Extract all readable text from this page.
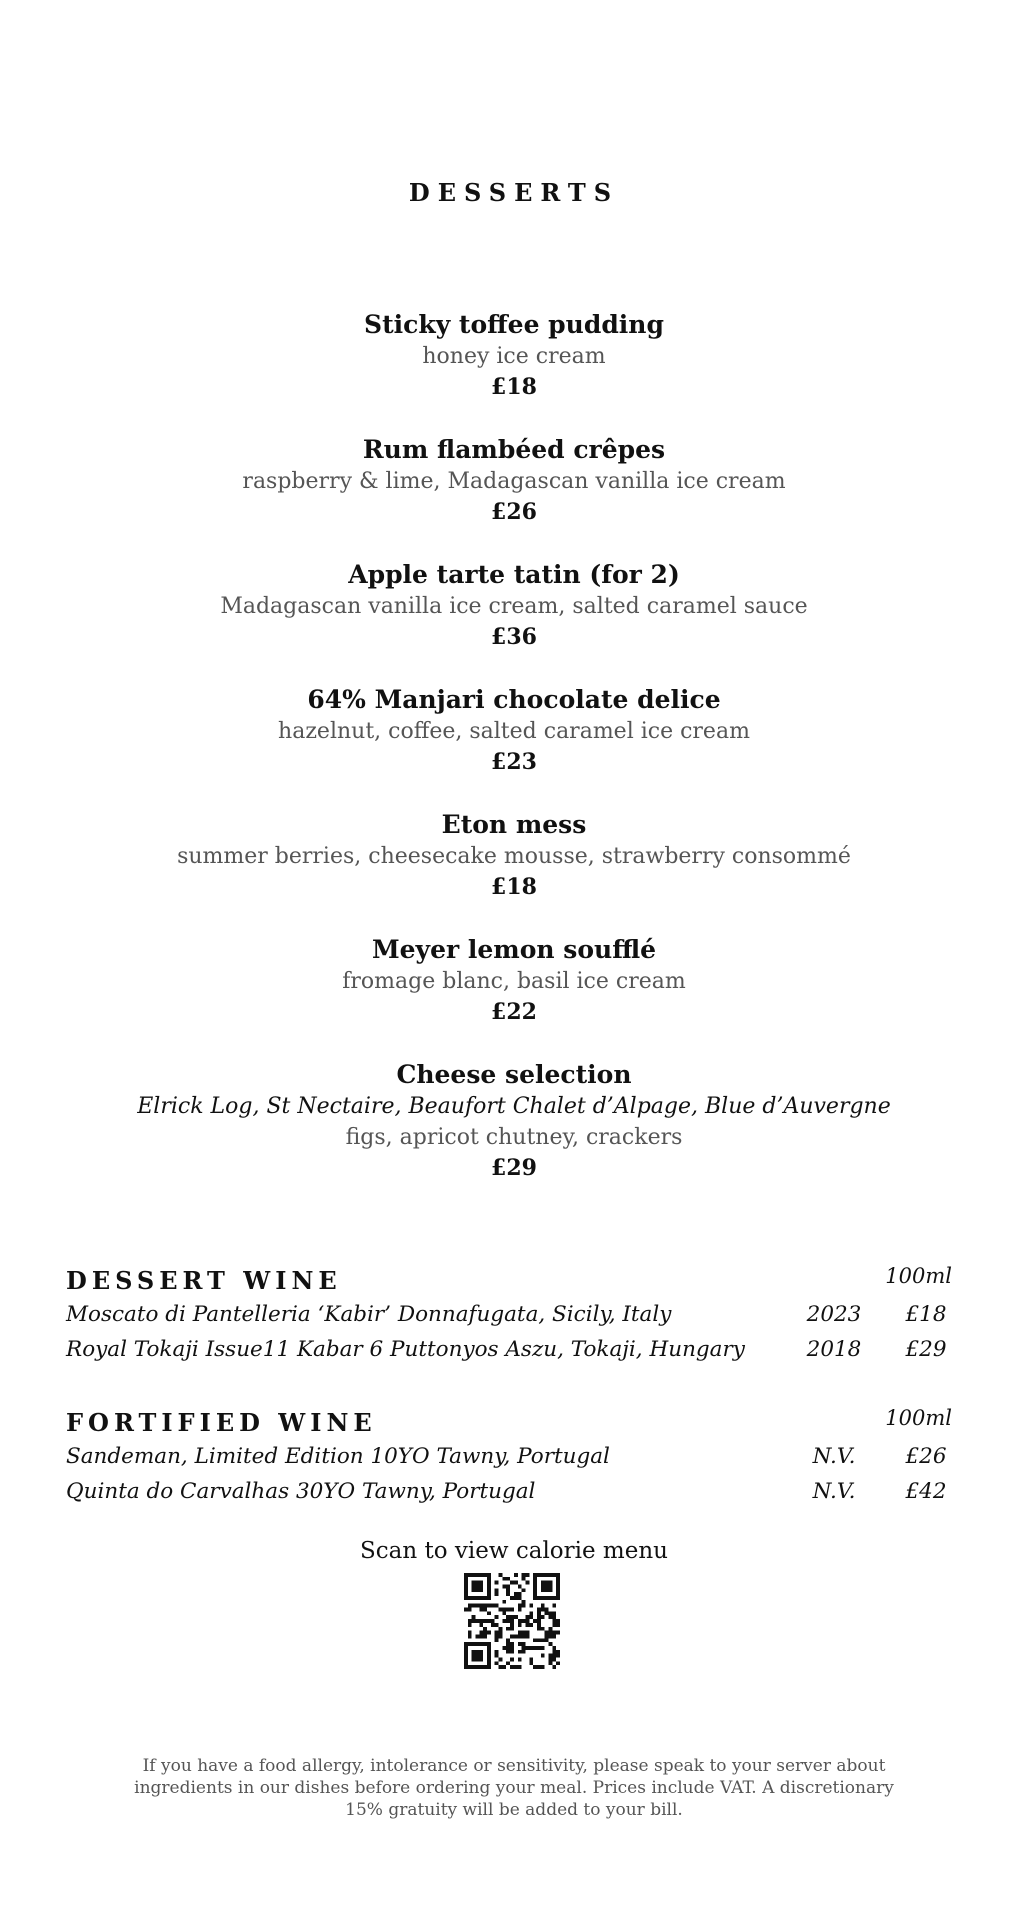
DESSERTS
Sticky toffee pudding
honey ice cream
£18
Rum flambéed crêpes
raspberry & lime, Madagascan vanilla ice cream
£26
Apple tarte tatin (for 2)
Madagascan vanilla ice cream, salted caramel sauce
£36
64% Manjari chocolate delice
hazelnut, coffee, salted caramel ice cream
£23
Eton mess
summer berries, cheesecake mousse, strawberry consommé
£18
Meyer lemon soufflé
fromage blanc, basil ice cream
£22
Cheese selection
Elrick Log, St Nectaire, Beaufort Chalet d’Alpage, Blue d’Auvergne
figs, apricot chutney, crackers
£29
DESSERT WINE	100ml
Moscato di Pantelleria ‘Kabir’ Donnafugata, Sicily, Italy	2023	£18
Royal Tokaji Issue11 Kabar 6 Puttonyos Aszu, Tokaji, Hungary	2018	£29
FORTIFIED WINE	100ml
Sandeman, Limited Edition 10YO Tawny, Portugal	N.V.	£26
Quinta do Carvalhas 30YO Tawny, Portugal	N.V.	£42
Scan to view calorie menu
If you have a food allergy, intolerance or sensitivity, please speak to your server about ingredients in our dishes before ordering your meal. Prices include VAT. A discretionary 15% gratuity will be added to your bill.
